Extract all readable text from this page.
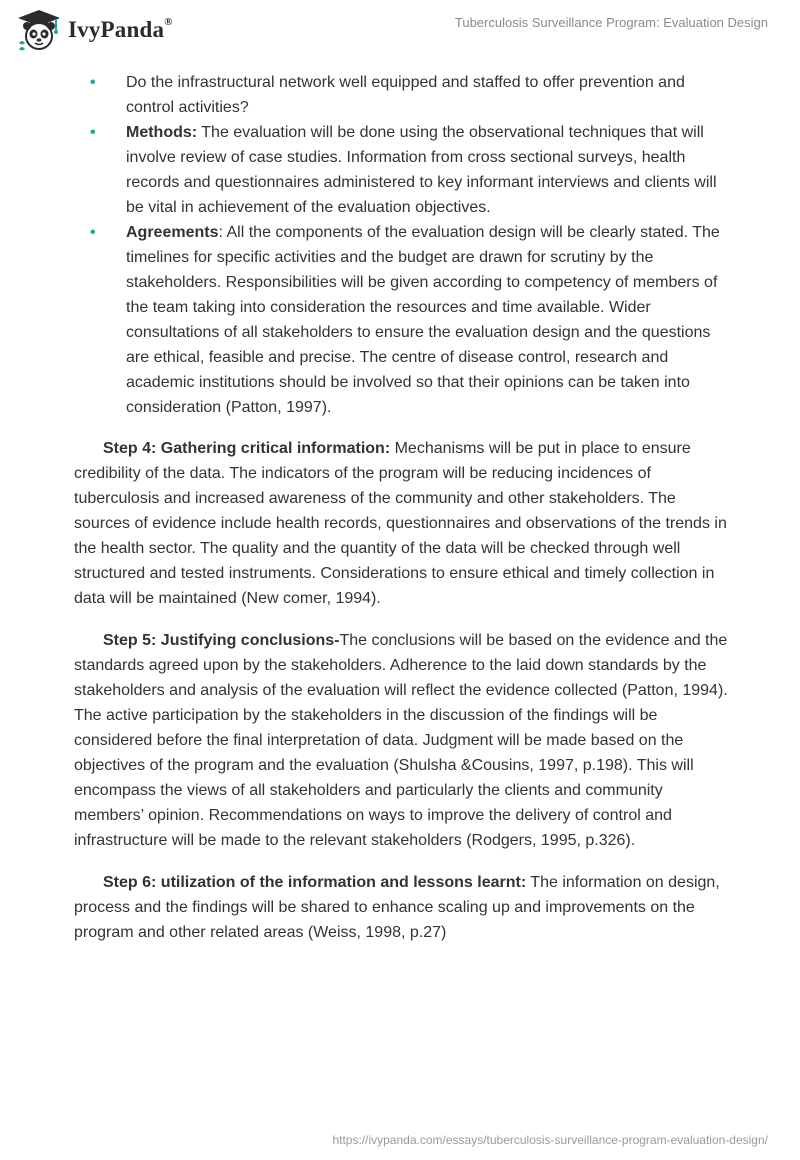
IvyPanda®	Tuberculosis Surveillance Program: Evaluation Design
• Do the infrastructural network well equipped and staffed to offer prevention and control activities?
• Methods: The evaluation will be done using the observational techniques that will involve review of case studies. Information from cross sectional surveys, health records and questionnaires administered to key informant interviews and clients will be vital in achievement of the evaluation objectives.
• Agreements: All the components of the evaluation design will be clearly stated. The timelines for specific activities and the budget are drawn for scrutiny by the stakeholders. Responsibilities will be given according to competency of members of the team taking into consideration the resources and time available. Wider consultations of all stakeholders to ensure the evaluation design and the questions are ethical, feasible and precise. The centre of disease control, research and academic institutions should be involved so that their opinions can be taken into consideration (Patton, 1997).

Step 4: Gathering critical information: Mechanisms will be put in place to ensure credibility of the data. The indicators of the program will be reducing incidences of tuberculosis and increased awareness of the community and other stakeholders. The sources of evidence include health records, questionnaires and observations of the trends in the health sector. The quality and the quantity of the data will be checked through well structured and tested instruments. Considerations to ensure ethical and timely collection in data will be maintained (New comer, 1994).

Step 5: Justifying conclusions-The conclusions will be based on the evidence and the standards agreed upon by the stakeholders. Adherence to the laid down standards by the stakeholders and analysis of the evaluation will reflect the evidence collected (Patton, 1994). The active participation by the stakeholders in the discussion of the findings will be considered before the final interpretation of data. Judgment will be made based on the objectives of the program and the evaluation (Shulsha &Cousins, 1997, p.198). This will encompass the views of all stakeholders and particularly the clients and community members’ opinion. Recommendations on ways to improve the delivery of control and infrastructure will be made to the relevant stakeholders (Rodgers, 1995, p.326).

Step 6: utilization of the information and lessons learnt: The information on design, process and the findings will be shared to enhance scaling up and improvements on the program and other related areas (Weiss, 1998, p.27)

https://ivypanda.com/essays/tuberculosis-surveillance-program-evaluation-design/
